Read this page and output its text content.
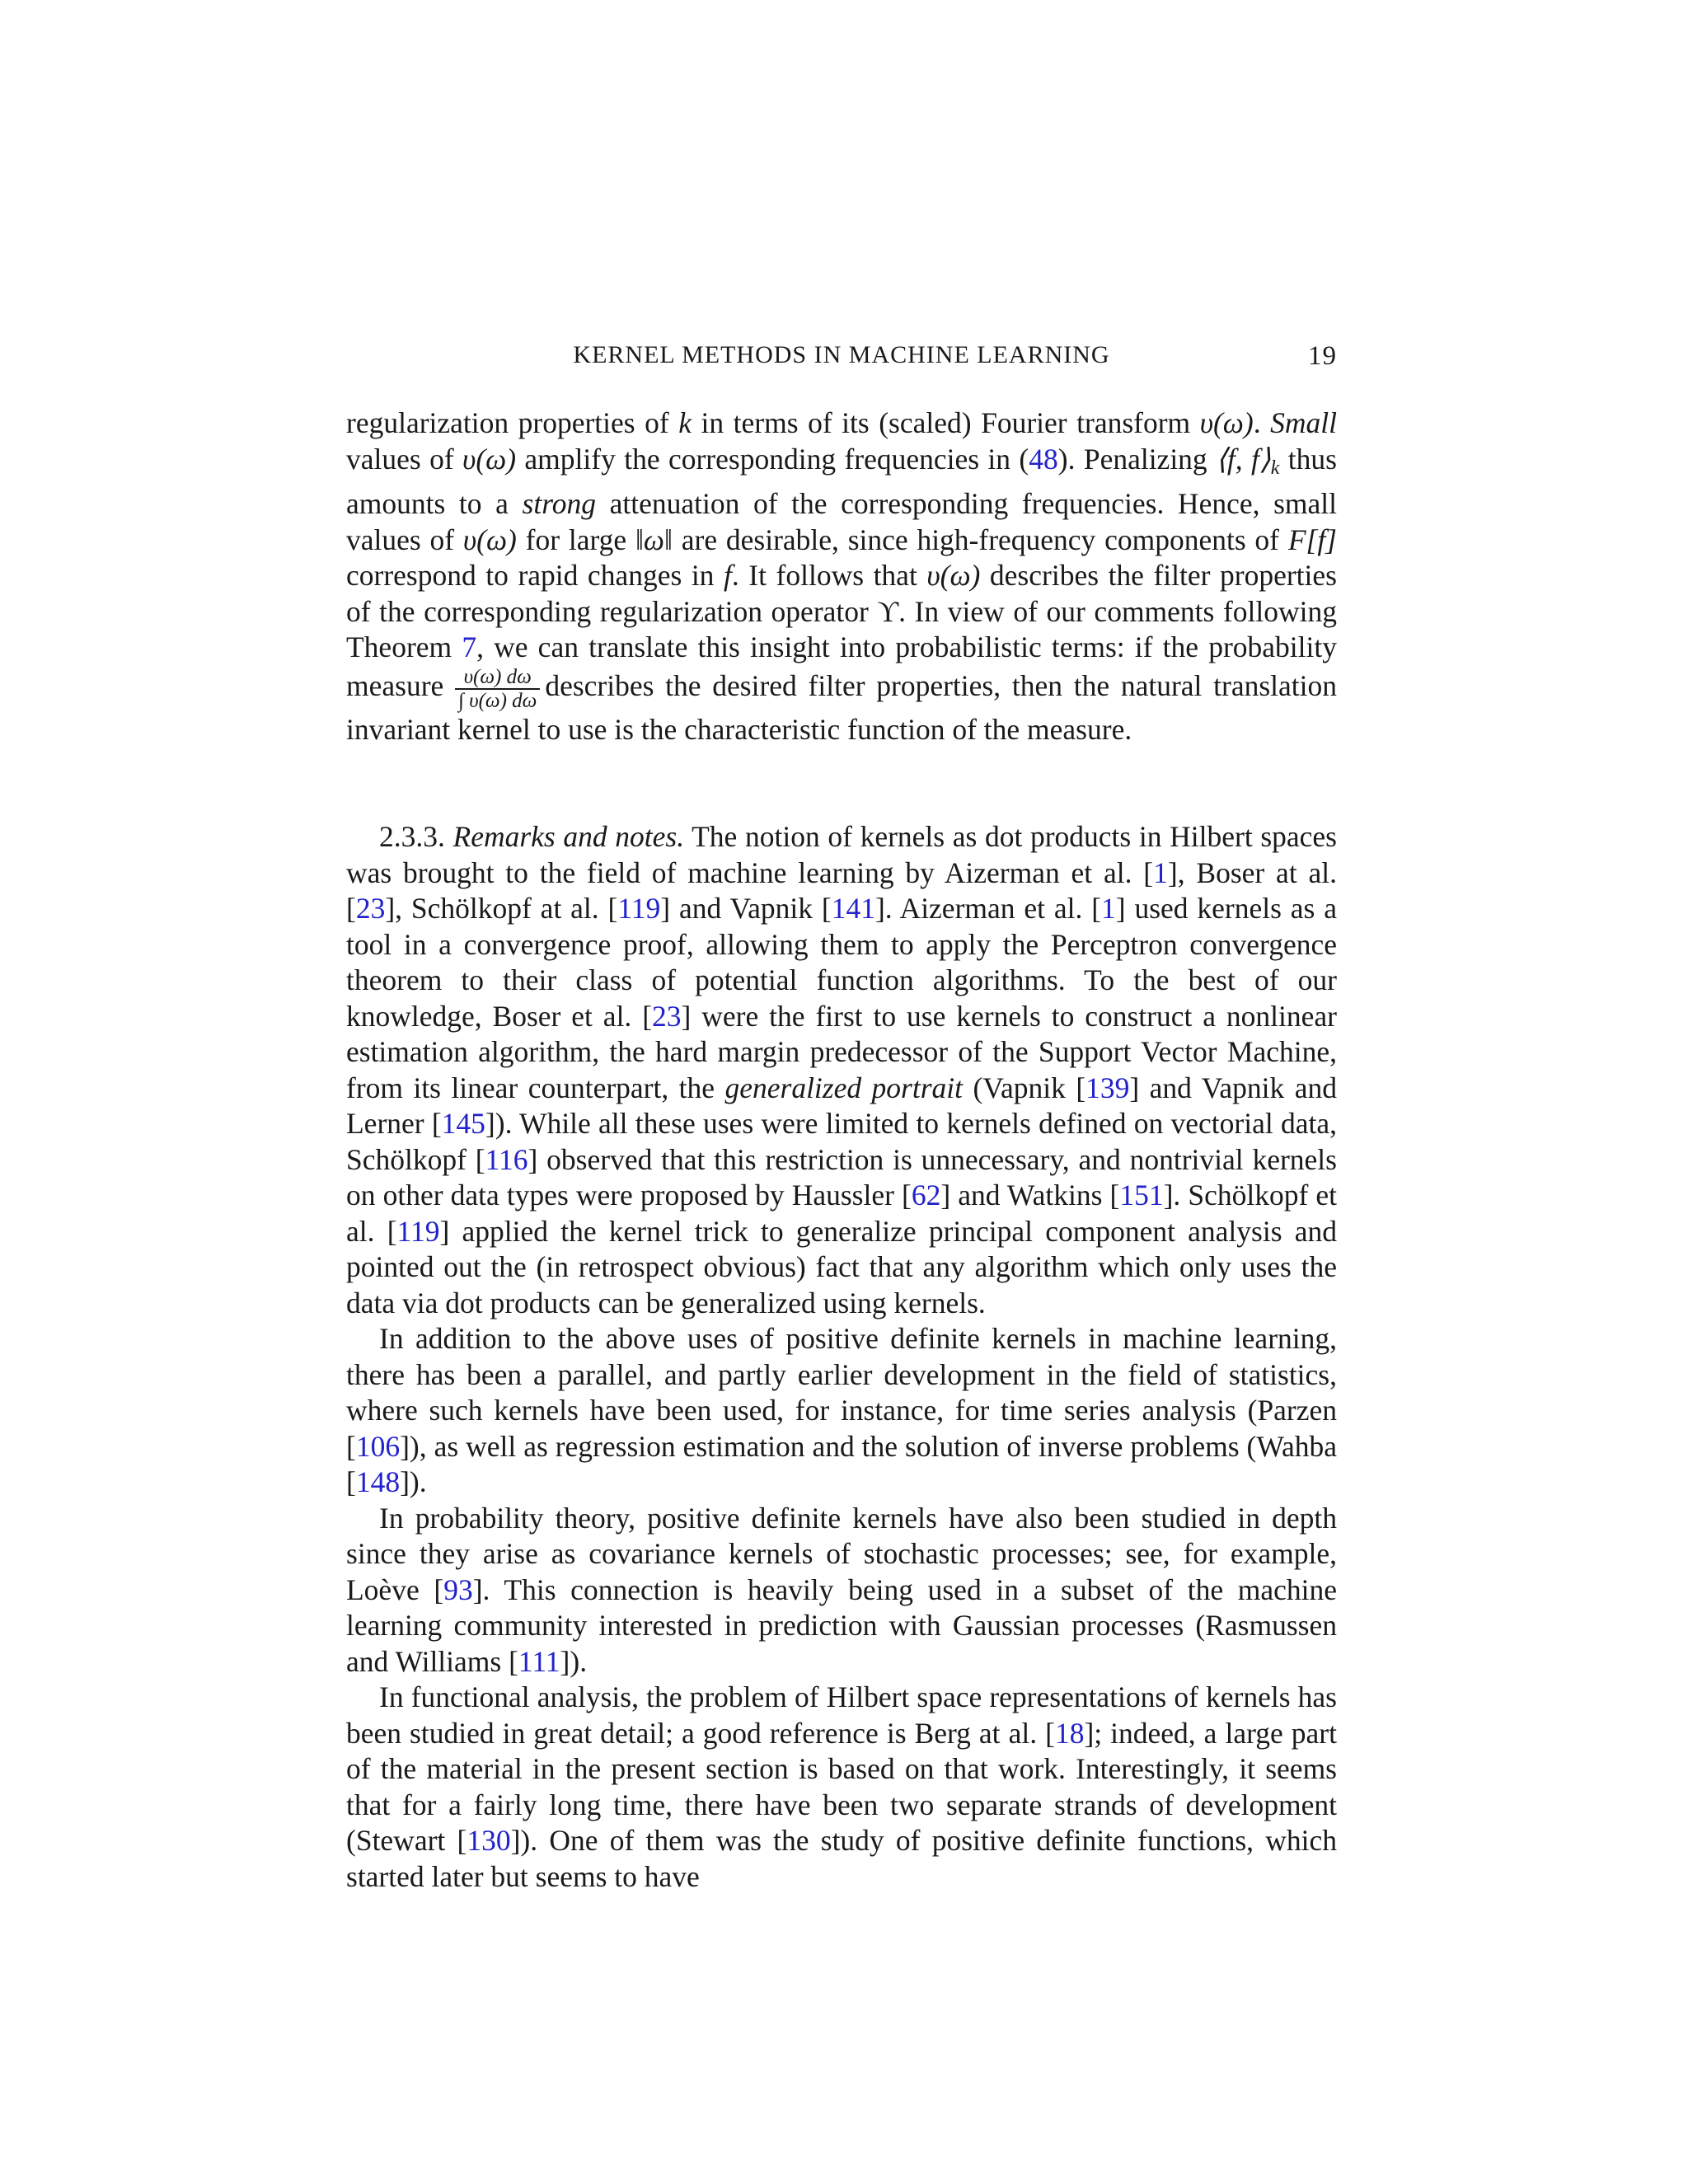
KERNEL METHODS IN MACHINE LEARNING	19

regularization properties of k in terms of its (scaled) Fourier transform υ(ω). Small values of υ(ω) amplify the corresponding frequencies in (48). Penalizing ⟨f, $f⟩_k$ thus amounts to a strong attenuation of the corresponding frequencies. Hence, small values of υ(ω) for large ‖ω‖ are desirable, since high-frequency components of F[f] correspond to rapid changes in f. It follows that υ(ω) describes the filter properties of the corresponding regularization operator ϒ. In view of our comments following Theorem 7, we can translate this insight into probabilistic terms: if the probability measure $\frac{\upsilon(\omega) d\omega}{\int \upsilon(\omega) d\omega}$ describes the desired filter properties, then the natural translation invariant kernel to use is the characteristic function of the measure.

2.3.3. Remarks and notes. The notion of kernels as dot products in Hilbert spaces was brought to the field of machine learning by Aizerman et al. [1], Boser at al. [23], Schölkopf at al. [119] and Vapnik [141]. Aizerman et al. [1] used kernels as a tool in a convergence proof, allowing them to apply the Perceptron convergence theorem to their class of potential function algorithms. To the best of our knowledge, Boser et al. [23] were the first to use kernels to construct a nonlinear estimation algorithm, the hard margin predecessor of the Support Vector Machine, from its linear counterpart, the generalized portrait (Vapnik [139] and Vapnik and Lerner [145]). While all these uses were limited to kernels defined on vectorial data, Schölkopf [116] observed that this restriction is unnecessary, and nontrivial kernels on other data types were proposed by Haussler [62] and Watkins [151]. Schölkopf et al. [119] applied the kernel trick to generalize principal component analysis and pointed out the (in retrospect obvious) fact that any algorithm which only uses the data via dot products can be generalized using kernels.

In addition to the above uses of positive definite kernels in machine learning, there has been a parallel, and partly earlier development in the field of statistics, where such kernels have been used, for instance, for time series analysis (Parzen [106]), as well as regression estimation and the solution of inverse problems (Wahba [148]).

In probability theory, positive definite kernels have also been studied in depth since they arise as covariance kernels of stochastic processes; see, for example, Loève [93]. This connection is heavily being used in a subset of the machine learning community interested in prediction with Gaussian processes (Rasmussen and Williams [111]).

In functional analysis, the problem of Hilbert space representations of kernels has been studied in great detail; a good reference is Berg at al. [18]; indeed, a large part of the material in the present section is based on that work. Interestingly, it seems that for a fairly long time, there have been two separate strands of development (Stewart [130]). One of them was the study of positive definite functions, which started later but seems to have
